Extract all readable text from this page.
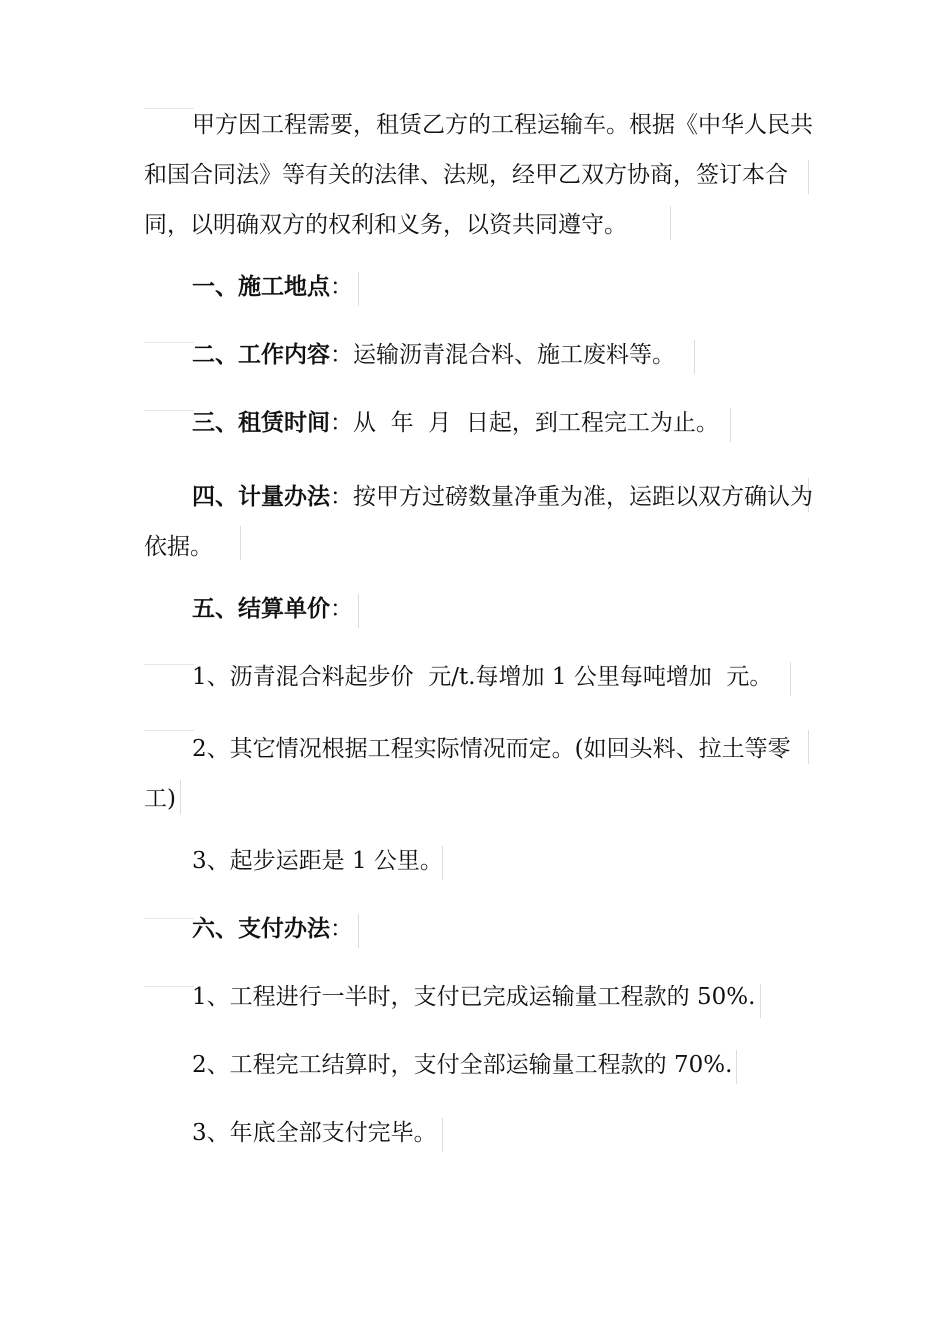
甲方因工程需要，租赁乙方的工程运输车。根据《中华人民共和国合同法》等有关的法律、法规，经甲乙双方协商，签订本合同，以明确双方的权利和义务，以资共同遵守。

一、施工地点：

二、工作内容：运输沥青混合料、施工废料等。

三、租赁时间：从  年  月  日起，到工程完工为止。

四、计量办法：按甲方过磅数量净重为准，运距以双方确认为依据。

五、结算单价：

1、沥青混合料起步价  元/t.每增加 1 公里每吨增加  元。

2、其它情况根据工程实际情况而定。(如回头料、拉土等零工)

3、起步运距是 1 公里。

六、支付办法：

1、工程进行一半时，支付已完成运输量工程款的 50%.

2、工程完工结算时，支付全部运输量工程款的 70%.

3、年底全部支付完毕。
